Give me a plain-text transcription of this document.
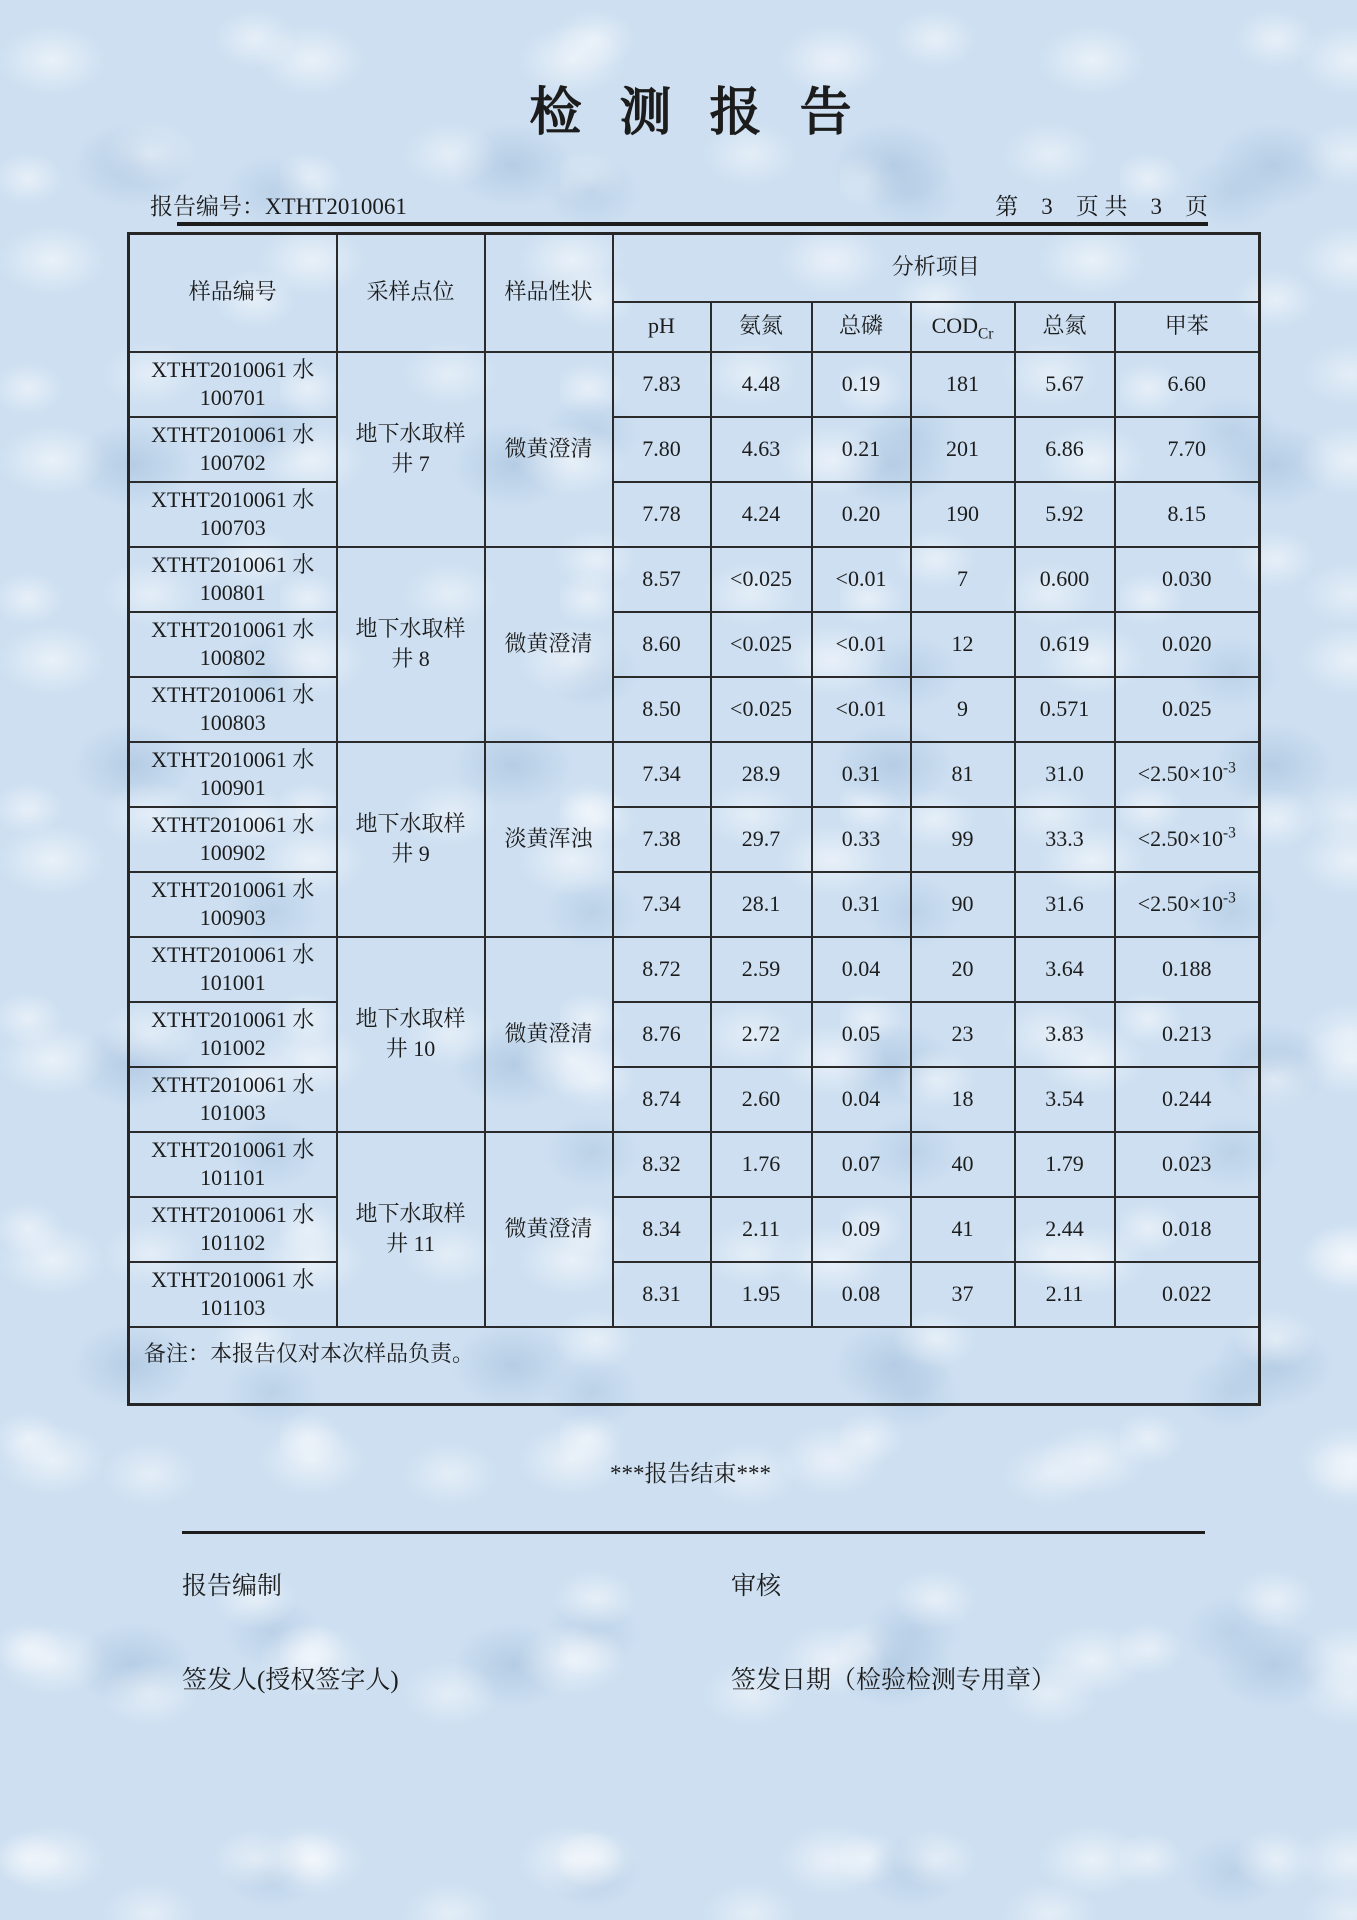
检 测 报 告
报告编号：XTHT2010061	第　3　页 共　3　页
样品编号	采样点位	样品性状	分析项目					
			pH	氨氮	总磷	$COD_{Cr}$	总氮	甲苯
XTHT2010061 水
100701	地下水取样井 7	微黄澄清	7.83	4.48	0.19	181	5.67	6.60
XTHT2010061 水
100702			7.80	4.63	0.21	201	6.86	7.70
XTHT2010061 水
100703			7.78	4.24	0.20	190	5.92	8.15
XTHT2010061 水
100801	地下水取样井 8	微黄澄清	8.57	<0.025	<0.01	7	0.600	0.030
XTHT2010061 水
100802			8.60	<0.025	<0.01	12	0.619	0.020
XTHT2010061 水
100803			8.50	<0.025	<0.01	9	0.571	0.025
XTHT2010061 水
100901	地下水取样井 9	淡黄浑浊	7.34	28.9	0.31	81	31.0	$<2.50\times 10^{-3}$
XTHT2010061 水
100902			7.38	29.7	0.33	99	33.3	$<2.50\times 10^{-3}$
XTHT2010061 水
100903			7.34	28.1	0.31	90	31.6	$<2.50\times 10^{-3}$
XTHT2010061 水
101001	地下水取样井 10	微黄澄清	8.72	2.59	0.04	20	3.64	0.188
XTHT2010061 水
101002			8.76	2.72	0.05	23	3.83	0.213
XTHT2010061 水
101003			8.74	2.60	0.04	18	3.54	0.244
XTHT2010061 水
101101	地下水取样井 11	微黄澄清	8.32	1.76	0.07	40	1.79	0.023
XTHT2010061 水
101102			8.34	2.11	0.09	41	2.44	0.018
XTHT2010061 水
101103			8.31	1.95	0.08	37	2.11	0.022
备注：本报告仅对本次样品负责。								
***报告结束***
报告编制	审核
签发人(授权签字人)	签发日期（检验检测专用章）
